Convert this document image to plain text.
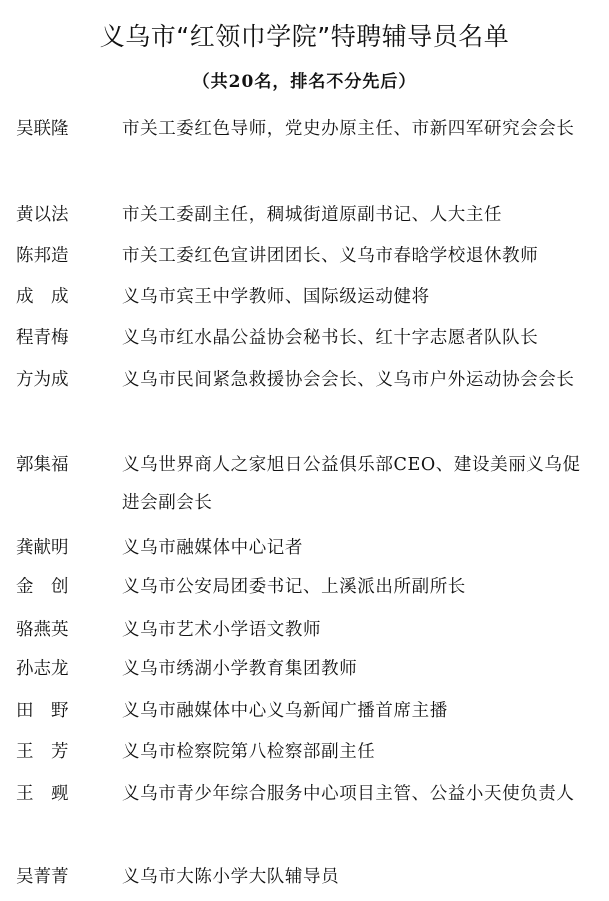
义乌市“红领巾学院”特聘辅导员名单
（共20名，排名不分先后）
吴联隆	市关工委红色导师，党史办原主任、市新四军研究会会长
黄以法	市关工委副主任，稠城街道原副书记、人大主任
陈邦造	市关工委红色宣讲团团长、义乌市春晗学校退休教师
成　成	义乌市宾王中学教师、国际级运动健将
程青梅	义乌市红水晶公益协会秘书长、红十字志愿者队队长
方为成	义乌市民间紧急救援协会会长、义乌市户外运动协会会长
郭集福	义乌世界商人之家旭日公益俱乐部CEO、建设美丽义乌促进会副会长
龚献明	义乌市融媒体中心记者
金　创	义乌市公安局团委书记、上溪派出所副所长
骆燕英	义乌市艺术小学语文教师
孙志龙	义乌市绣湖小学教育集团教师
田　野	义乌市融媒体中心义乌新闻广播首席主播
王　芳	义乌市检察院第八检察部副主任
王　觋	义乌市青少年综合服务中心项目主管、公益小天使负责人
吴菁菁	义乌市大陈小学大队辅导员
